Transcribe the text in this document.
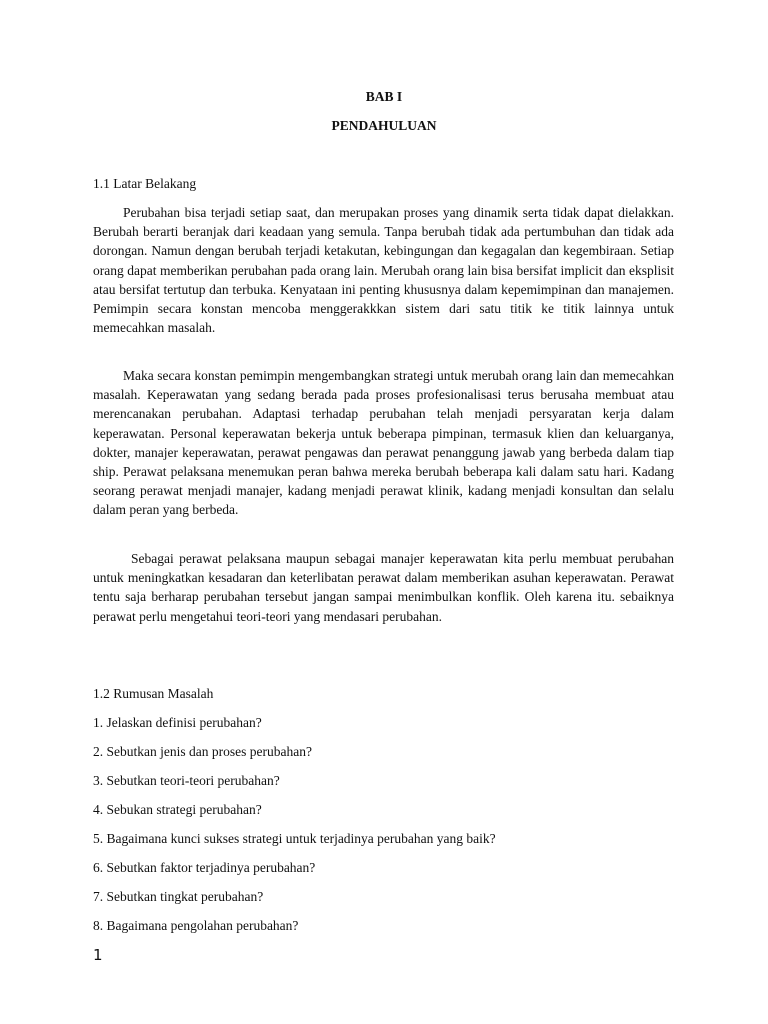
BAB I
PENDAHULUAN

1.1 Latar Belakang

Perubahan bisa terjadi setiap saat, dan merupakan proses yang dinamik serta tidak dapat dielakkan. Berubah berarti beranjak dari keadaan yang semula. Tanpa berubah tidak ada pertumbuhan dan tidak ada dorongan. Namun dengan berubah terjadi ketakutan, kebingungan dan kegagalan dan kegembiraan. Setiap orang dapat memberikan perubahan pada orang lain. Merubah orang lain bisa bersifat implicit dan eksplisit atau bersifat tertutup dan terbuka. Kenyataan ini penting khususnya dalam kepemimpinan dan manajemen. Pemimpin secara konstan mencoba menggerakkkan sistem dari satu titik ke titik lainnya untuk memecahkan masalah.

Maka secara konstan pemimpin mengembangkan strategi untuk merubah orang lain dan memecahkan masalah. Keperawatan yang sedang berada pada proses profesionalisasi terus berusaha membuat atau merencanakan perubahan. Adaptasi terhadap perubahan telah menjadi persyaratan kerja dalam keperawatan. Personal keperawatan bekerja untuk beberapa pimpinan, termasuk klien dan keluarganya, dokter, manajer keperawatan, perawat pengawas dan perawat penanggung jawab yang berbeda dalam tiap ship. Perawat pelaksana menemukan peran bahwa mereka berubah beberapa kali dalam satu hari. Kadang seorang perawat menjadi manajer, kadang menjadi perawat klinik, kadang menjadi konsultan dan selalu dalam peran yang berbeda.

Sebagai perawat pelaksana maupun sebagai manajer keperawatan kita perlu membuat perubahan untuk meningkatkan kesadaran dan keterlibatan perawat dalam memberikan asuhan keperawatan. Perawat tentu saja berharap perubahan tersebut jangan sampai menimbulkan konflik. Oleh karena itu. sebaiknya perawat perlu mengetahui teori-teori yang mendasari perubahan.

1.2 Rumusan Masalah

1. Jelaskan definisi perubahan?

2. Sebutkan jenis dan proses perubahan?

3. Sebutkan teori-teori perubahan?

4. Sebukan strategi perubahan?

5. Bagaimana kunci sukses strategi untuk terjadinya perubahan yang baik?

6. Sebutkan faktor terjadinya perubahan?

7. Sebutkan tingkat perubahan?

8. Bagaimana pengolahan perubahan?

1
